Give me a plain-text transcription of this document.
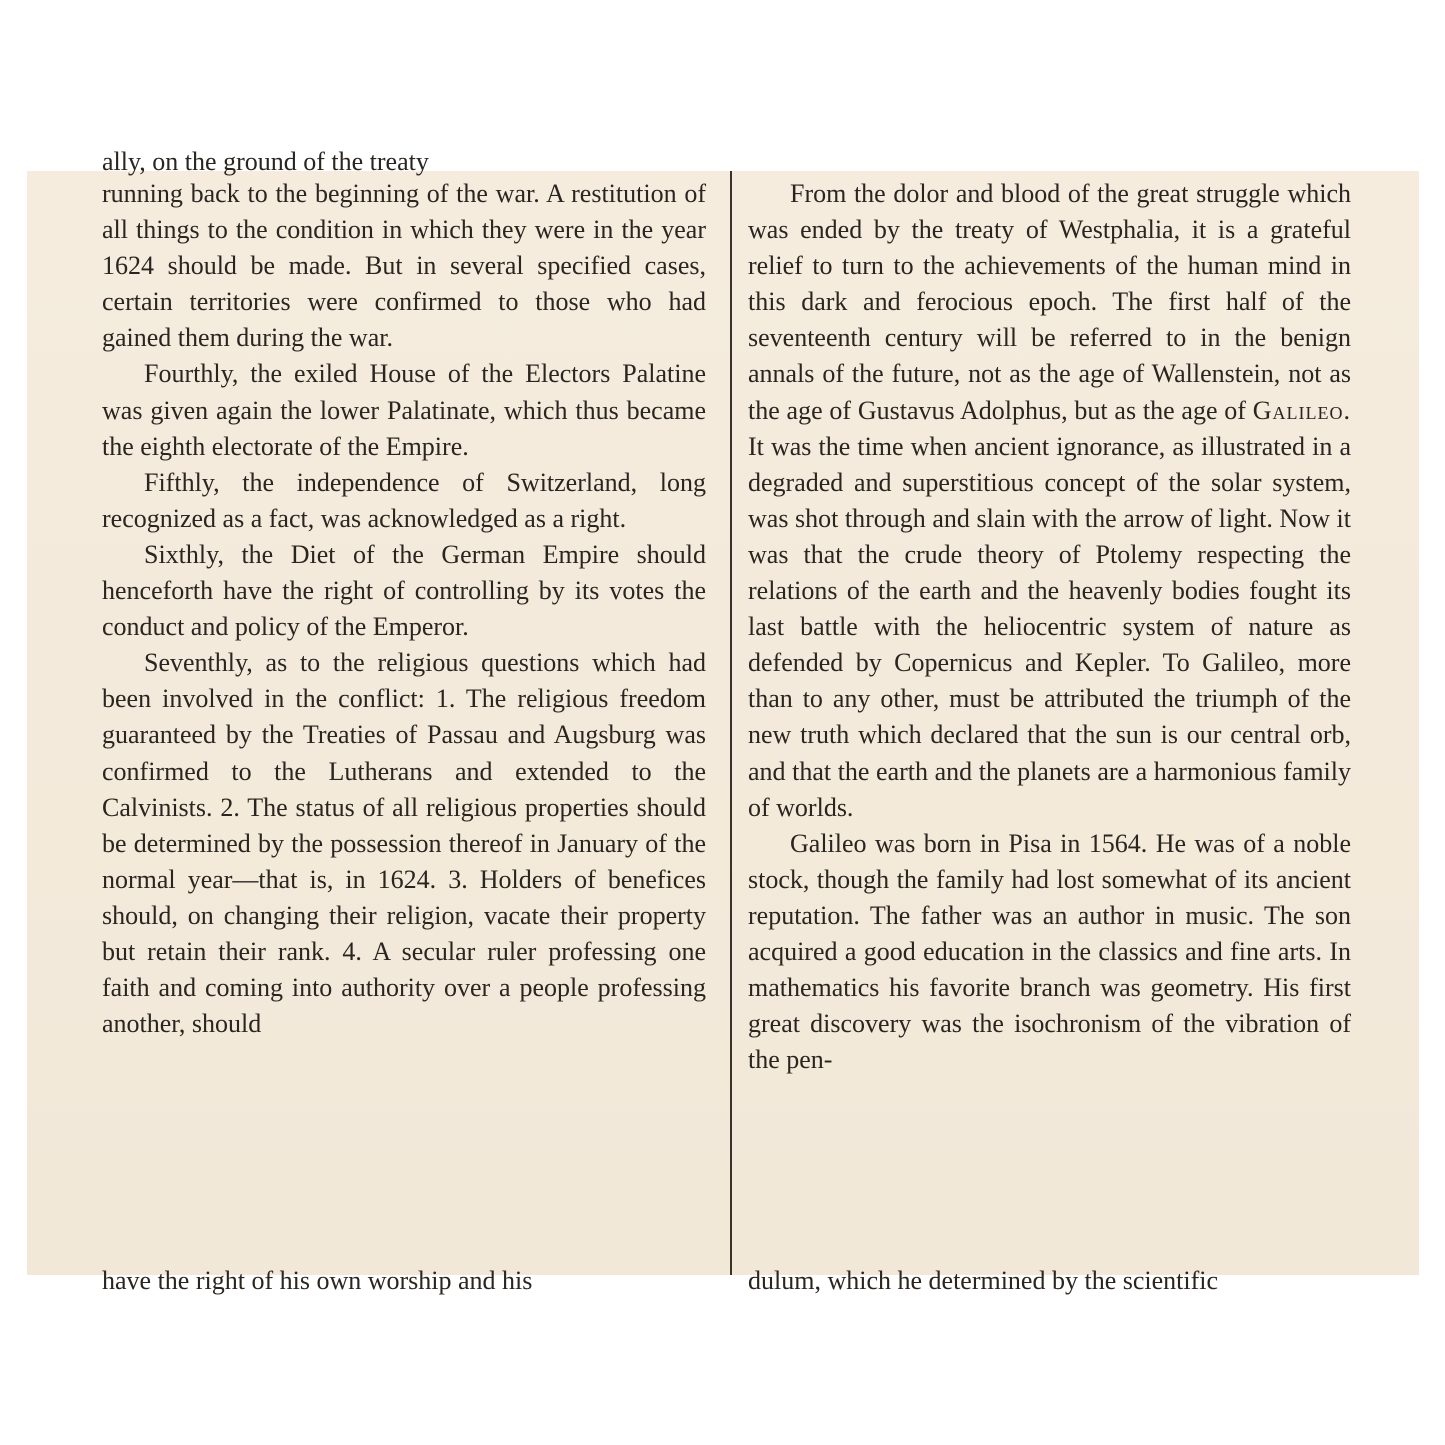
ally, on the ground of the treaty

running back to the beginning of the war. A restitution of all things to the condition in which they were in the year 1624 should be made. But in several specified cases, certain territories were confirmed to those who had gained them during the war.

Fourthly, the exiled House of the Electors Palatine was given again the lower Palatinate, which thus became the eighth electorate of the Empire.

Fifthly, the independence of Switzerland, long recognized as a fact, was acknowledged as a right.

Sixthly, the Diet of the German Empire should henceforth have the right of controlling by its votes the conduct and policy of the Emperor.

Seventhly, as to the religious questions which had been involved in the conflict: 1. The religious freedom guaranteed by the Treaties of Passau and Augsburg was confirmed to the Lutherans and extended to the Calvinists. 2. The status of all religious properties should be determined by the possession thereof in January of the normal year—that is, in 1624. 3. Holders of benefices should, on changing their religion, vacate their property but retain their rank. 4. A secular ruler professing one faith and coming into authority over a people professing another, should

have the right of his own worship and his

From the dolor and blood of the great struggle which was ended by the treaty of Westphalia, it is a grateful relief to turn to the achievements of the human mind in this dark and ferocious epoch. The first half of the seventeenth century will be referred to in the benign annals of the future, not as the age of Wallenstein, not as the age of Gustavus Adolphus, but as the age of Galileo. It was the time when ancient ignorance, as illustrated in a degraded and superstitious concept of the solar system, was shot through and slain with the arrow of light. Now it was that the crude theory of Ptolemy respecting the relations of the earth and the heavenly bodies fought its last battle with the heliocentric system of nature as defended by Copernicus and Kepler. To Galileo, more than to any other, must be attributed the triumph of the new truth which declared that the sun is our central orb, and that the earth and the planets are a harmonious family of worlds.

Galileo was born in Pisa in 1564. He was of a noble stock, though the family had lost somewhat of its ancient reputation. The father was an author in music. The son acquired a good education in the classics and fine arts. In mathematics his favorite branch was geometry. His first great discovery was the isochronism of the vibration of the pen-

dulum, which he determined by the scientific
